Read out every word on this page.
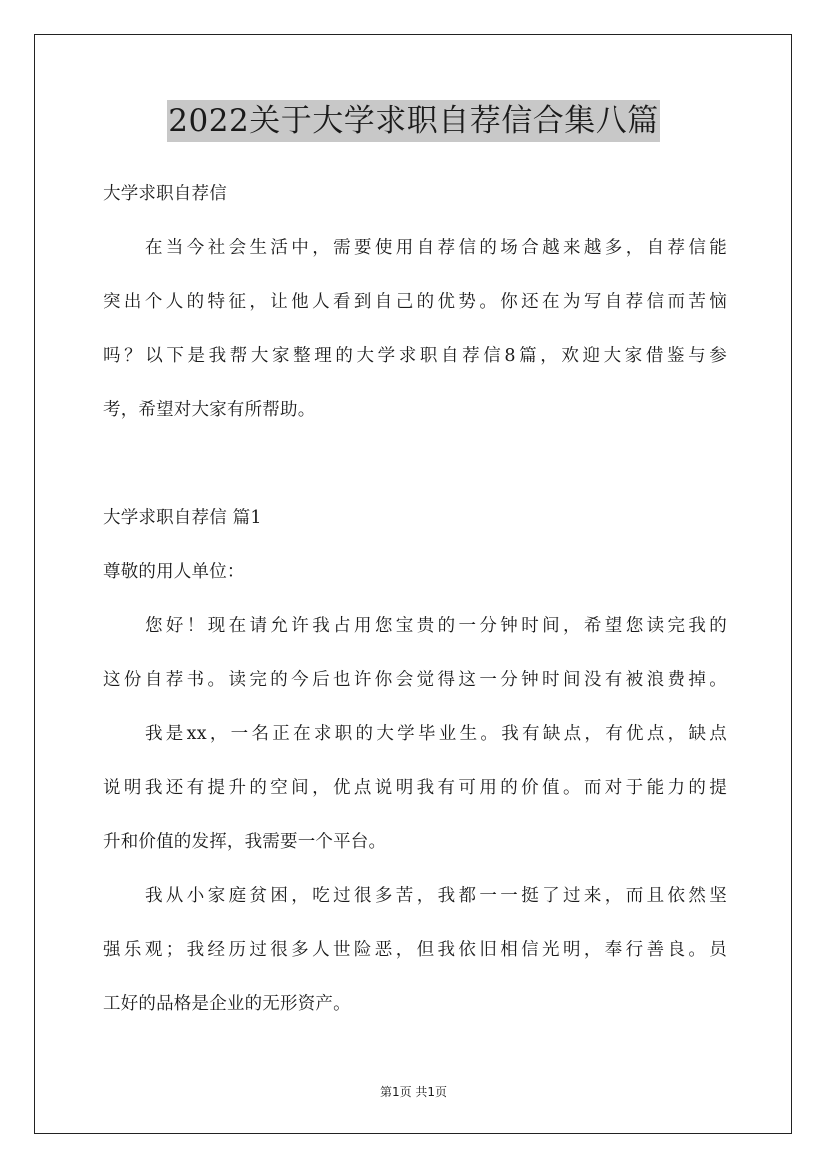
2022关于大学求职自荐信合集八篇
大学求职自荐信
在当今社会生活中，需要使用自荐信的场合越来越多，自荐信能
突出个人的特征，让他人看到自己的优势。你还在为写自荐信而苦恼
吗？以下是我帮大家整理的大学求职自荐信8篇，欢迎大家借鉴与参
考，希望对大家有所帮助。
大学求职自荐信 篇1
尊敬的用人单位：
您好！现在请允许我占用您宝贵的一分钟时间，希望您读完我的
这份自荐书。读完的今后也许你会觉得这一分钟时间没有被浪费掉。
我是xx，一名正在求职的大学毕业生。我有缺点，有优点，缺点
说明我还有提升的空间，优点说明我有可用的价值。而对于能力的提
升和价值的发挥，我需要一个平台。
我从小家庭贫困，吃过很多苦，我都一一挺了过来，而且依然坚
强乐观；我经历过很多人世险恶，但我依旧相信光明，奉行善良。员
工好的品格是企业的无形资产。
第1页 共1页
